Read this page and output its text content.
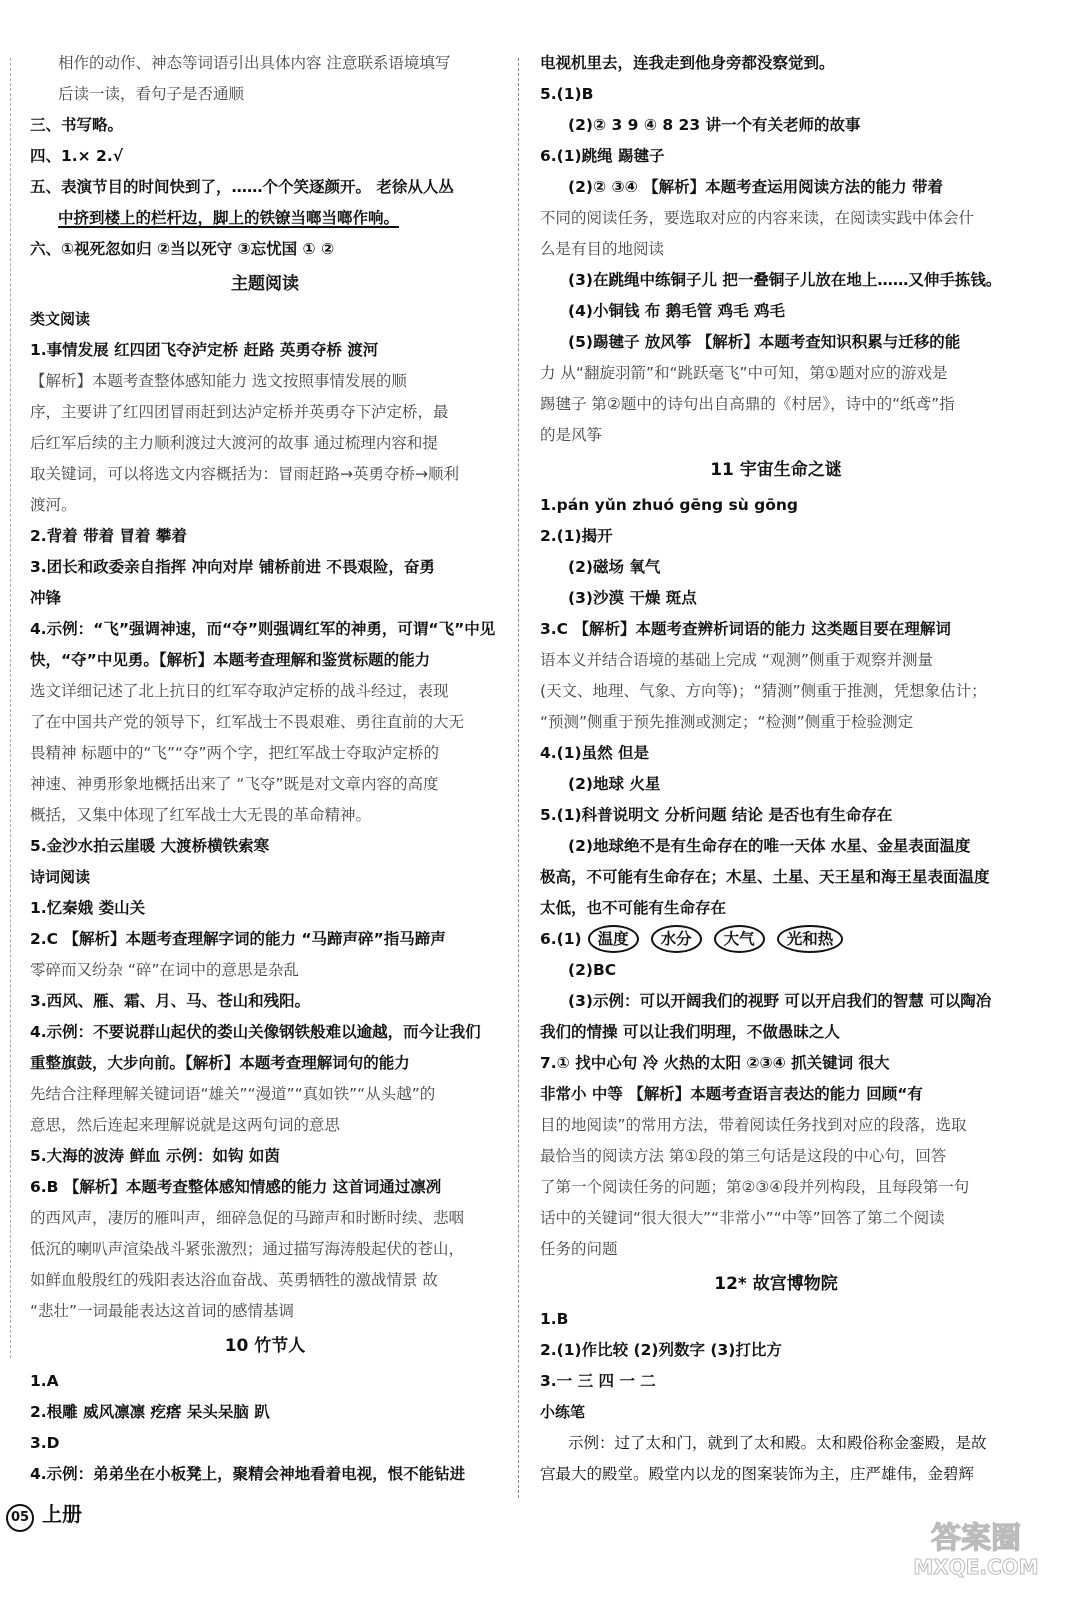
相作的动作、神态等词语引出具体内容 注意联系语境填写
后读一读，看句子是否通顺
三、书写略。
四、1.× 2.√
五、表演节目的时间快到了，……个个笑逐颜开。 老徐从人丛
中挤到楼上的栏杆边，脚上的铁镣当啷当啷作响。
六、①视死忽如归 ②当以死守 ③忘忧国 ① ②
主题阅读
类文阅读
1.事情发展 红四团飞夺泸定桥 赶路 英勇夺桥 渡河
【解析】本题考查整体感知能力 选文按照事情发展的顺
序，主要讲了红四团冒雨赶到达泸定桥并英勇夺下泸定桥，最
后红军后续的主力顺利渡过大渡河的故事 通过梳理内容和提
取关键词，可以将选文内容概括为：冒雨赶路→英勇夺桥→顺利
渡河。
2.背着 带着 冒着 攀着
3.团长和政委亲自指挥 冲向对岸 铺桥前进 不畏艰险，奋勇
冲锋
4.示例：“飞”强调神速，而“夺”则强调红军的神勇，可谓“飞”中见
快，“夺”中见勇。【解析】本题考查理解和鉴赏标题的能力
选文详细记述了北上抗日的红军夺取泸定桥的战斗经过，表现
了在中国共产党的领导下，红军战士不畏艰难、勇往直前的大无
畏精神 标题中的“飞”“夺”两个字，把红军战士夺取泸定桥的
神速、神勇形象地概括出来了 “飞夺”既是对文章内容的高度
概括，又集中体现了红军战士大无畏的革命精神。
5.金沙水拍云崖暖 大渡桥横铁索寒
诗词阅读
1.忆秦娥 娄山关
2.C 【解析】本题考查理解字词的能力 “马蹄声碎”指马蹄声
零碎而又纷杂 “碎”在词中的意思是杂乱
3.西风、雁、霜、月、马、苍山和残阳。
4.示例：不要说群山起伏的娄山关像钢铁般难以逾越，而今让我们
重整旗鼓，大步向前。【解析】本题考查理解词句的能力
先结合注释理解关键词语“雄关”“漫道”“真如铁”“从头越”的
意思，然后连起来理解说就是这两句词的意思
5.大海的波涛 鲜血 示例：如钩 如茵
6.B 【解析】本题考查整体感知情感的能力 这首词通过凛冽
的西风声，凄厉的雁叫声，细碎急促的马蹄声和时断时续、悲咽
低沉的喇叭声渲染战斗紧张激烈；通过描写海涛般起伏的苍山，
如鲜血般殷红的残阳表达浴血奋战、英勇牺牲的激战情景 故
“悲壮”一词最能表达这首词的感情基调
10 竹节人
1.A
2.根雕 威风凛凛 疙瘩 呆头呆脑 趴
3.D
4.示例：弟弟坐在小板凳上，聚精会神地看着电视，恨不能钻进
电视机里去，连我走到他身旁都没察觉到。
5.(1)B
(2)② 3 9 ④ 8 23 讲一个有关老师的故事
6.(1)跳绳 踢毽子
(2)② ③④ 【解析】本题考查运用阅读方法的能力 带着
不同的阅读任务，要选取对应的内容来读，在阅读实践中体会什
么是有目的地阅读
(3)在跳绳中练铜子儿 把一叠铜子儿放在地上……又伸手拣钱。
(4)小铜钱 布 鹅毛管 鸡毛 鸡毛
(5)踢毽子 放风筝 【解析】本题考查知识积累与迁移的能
力 从“翻旋羽箭”和“跳跃毫飞”中可知，第①题对应的游戏是
踢毽子 第②题中的诗句出自高鼎的《村居》，诗中的“纸鸢”指
的是风筝
11 宇宙生命之谜
1.pán yǔn zhuó gēng sù gōng
2.(1)揭开
(2)磁场 氧气
(3)沙漠 干燥 斑点
3.C 【解析】本题考查辨析词语的能力 这类题目要在理解词
语本义并结合语境的基础上完成 “观测”侧重于观察并测量
(天文、地理、气象、方向等)；“猜测”侧重于推测，凭想象估计；
“预测”侧重于预先推测或测定；“检测”侧重于检验测定
4.(1)虽然 但是
(2)地球 火星
5.(1)科普说明文 分析问题 结论 是否也有生命存在
(2)地球绝不是有生命存在的唯一天体 水星、金星表面温度
极高，不可能有生命存在；木星、土星、天王星和海王星表面温度
太低，也不可能有生命存在
6.(1) 温度 水分 大气 光和热
(2)BC
(3)示例：可以开阔我们的视野 可以开启我们的智慧 可以陶冶
我们的情操 可以让我们明理，不做愚昧之人
7.① 找中心句 冷 火热的太阳 ②③④ 抓关键词 很大
非常小 中等 【解析】本题考查语言表达的能力 回顾“有
目的地阅读”的常用方法，带着阅读任务找到对应的段落，选取
最恰当的阅读方法 第①段的第三句话是这段的中心句，回答
了第一个阅读任务的问题；第②③④段并列构段，且每段第一句
话中的关键词“很大很大”“非常小”“中等”回答了第二个阅读
任务的问题
12* 故宫博物院
1.B
2.(1)作比较 (2)列数字 (3)打比方
3.一 三 四 一 二
小练笔
示例：过了太和门，就到了太和殿。太和殿俗称金銮殿，是故
宫最大的殿堂。殿堂内以龙的图案装饰为主，庄严雄伟，金碧辉
05 上册
答案圈
MXQE.COM
